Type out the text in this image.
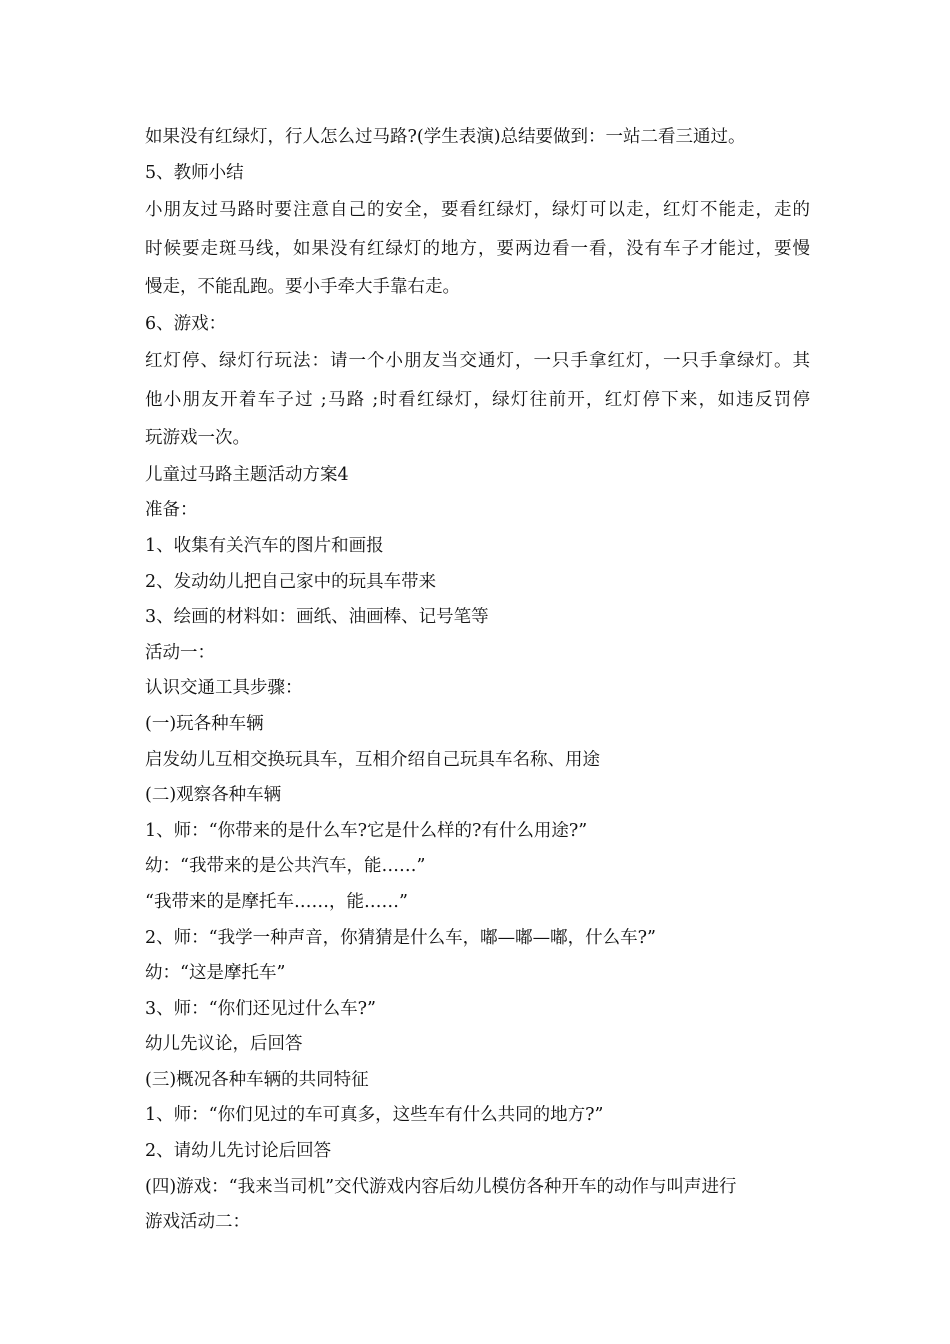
如果没有红绿灯，行人怎么过马路?(学生表演)总结要做到：一站二看三通过。
5、教师小结
小朋友过马路时要注意自己的安全，要看红绿灯，绿灯可以走，红灯不能走，走的
时候要走斑马线，如果没有红绿灯的地方，要两边看一看，没有车子才能过，要慢
慢走，不能乱跑。要小手牵大手靠右走。
6、游戏：
红灯停、绿灯行玩法：请一个小朋友当交通灯，一只手拿红灯，一只手拿绿灯。其
他小朋友开着车子过 ;马路 ;时看红绿灯，绿灯往前开，红灯停下来，如违反罚停
玩游戏一次。
儿童过马路主题活动方案4
准备：
1、收集有关汽车的图片和画报
2、发动幼儿把自己家中的玩具车带来
3、绘画的材料如：画纸、油画棒、记号笔等
活动一：
认识交通工具步骤：
(一)玩各种车辆
启发幼儿互相交换玩具车，互相介绍自己玩具车名称、用途
(二)观察各种车辆
1、师：“你带来的是什么车?它是什么样的?有什么用途?”
幼：“我带来的是公共汽车，能……”
“我带来的是摩托车……，能……”
2、师：“我学一种声音，你猜猜是什么车，嘟—嘟—嘟，什么车?”
幼：“这是摩托车”
3、师：“你们还见过什么车?”
幼儿先议论，后回答
(三)概况各种车辆的共同特征
1、师：“你们见过的车可真多，这些车有什么共同的地方?”
2、请幼儿先讨论后回答
(四)游戏：“我来当司机”交代游戏内容后幼儿模仿各种开车的动作与叫声进行
游戏活动二：
